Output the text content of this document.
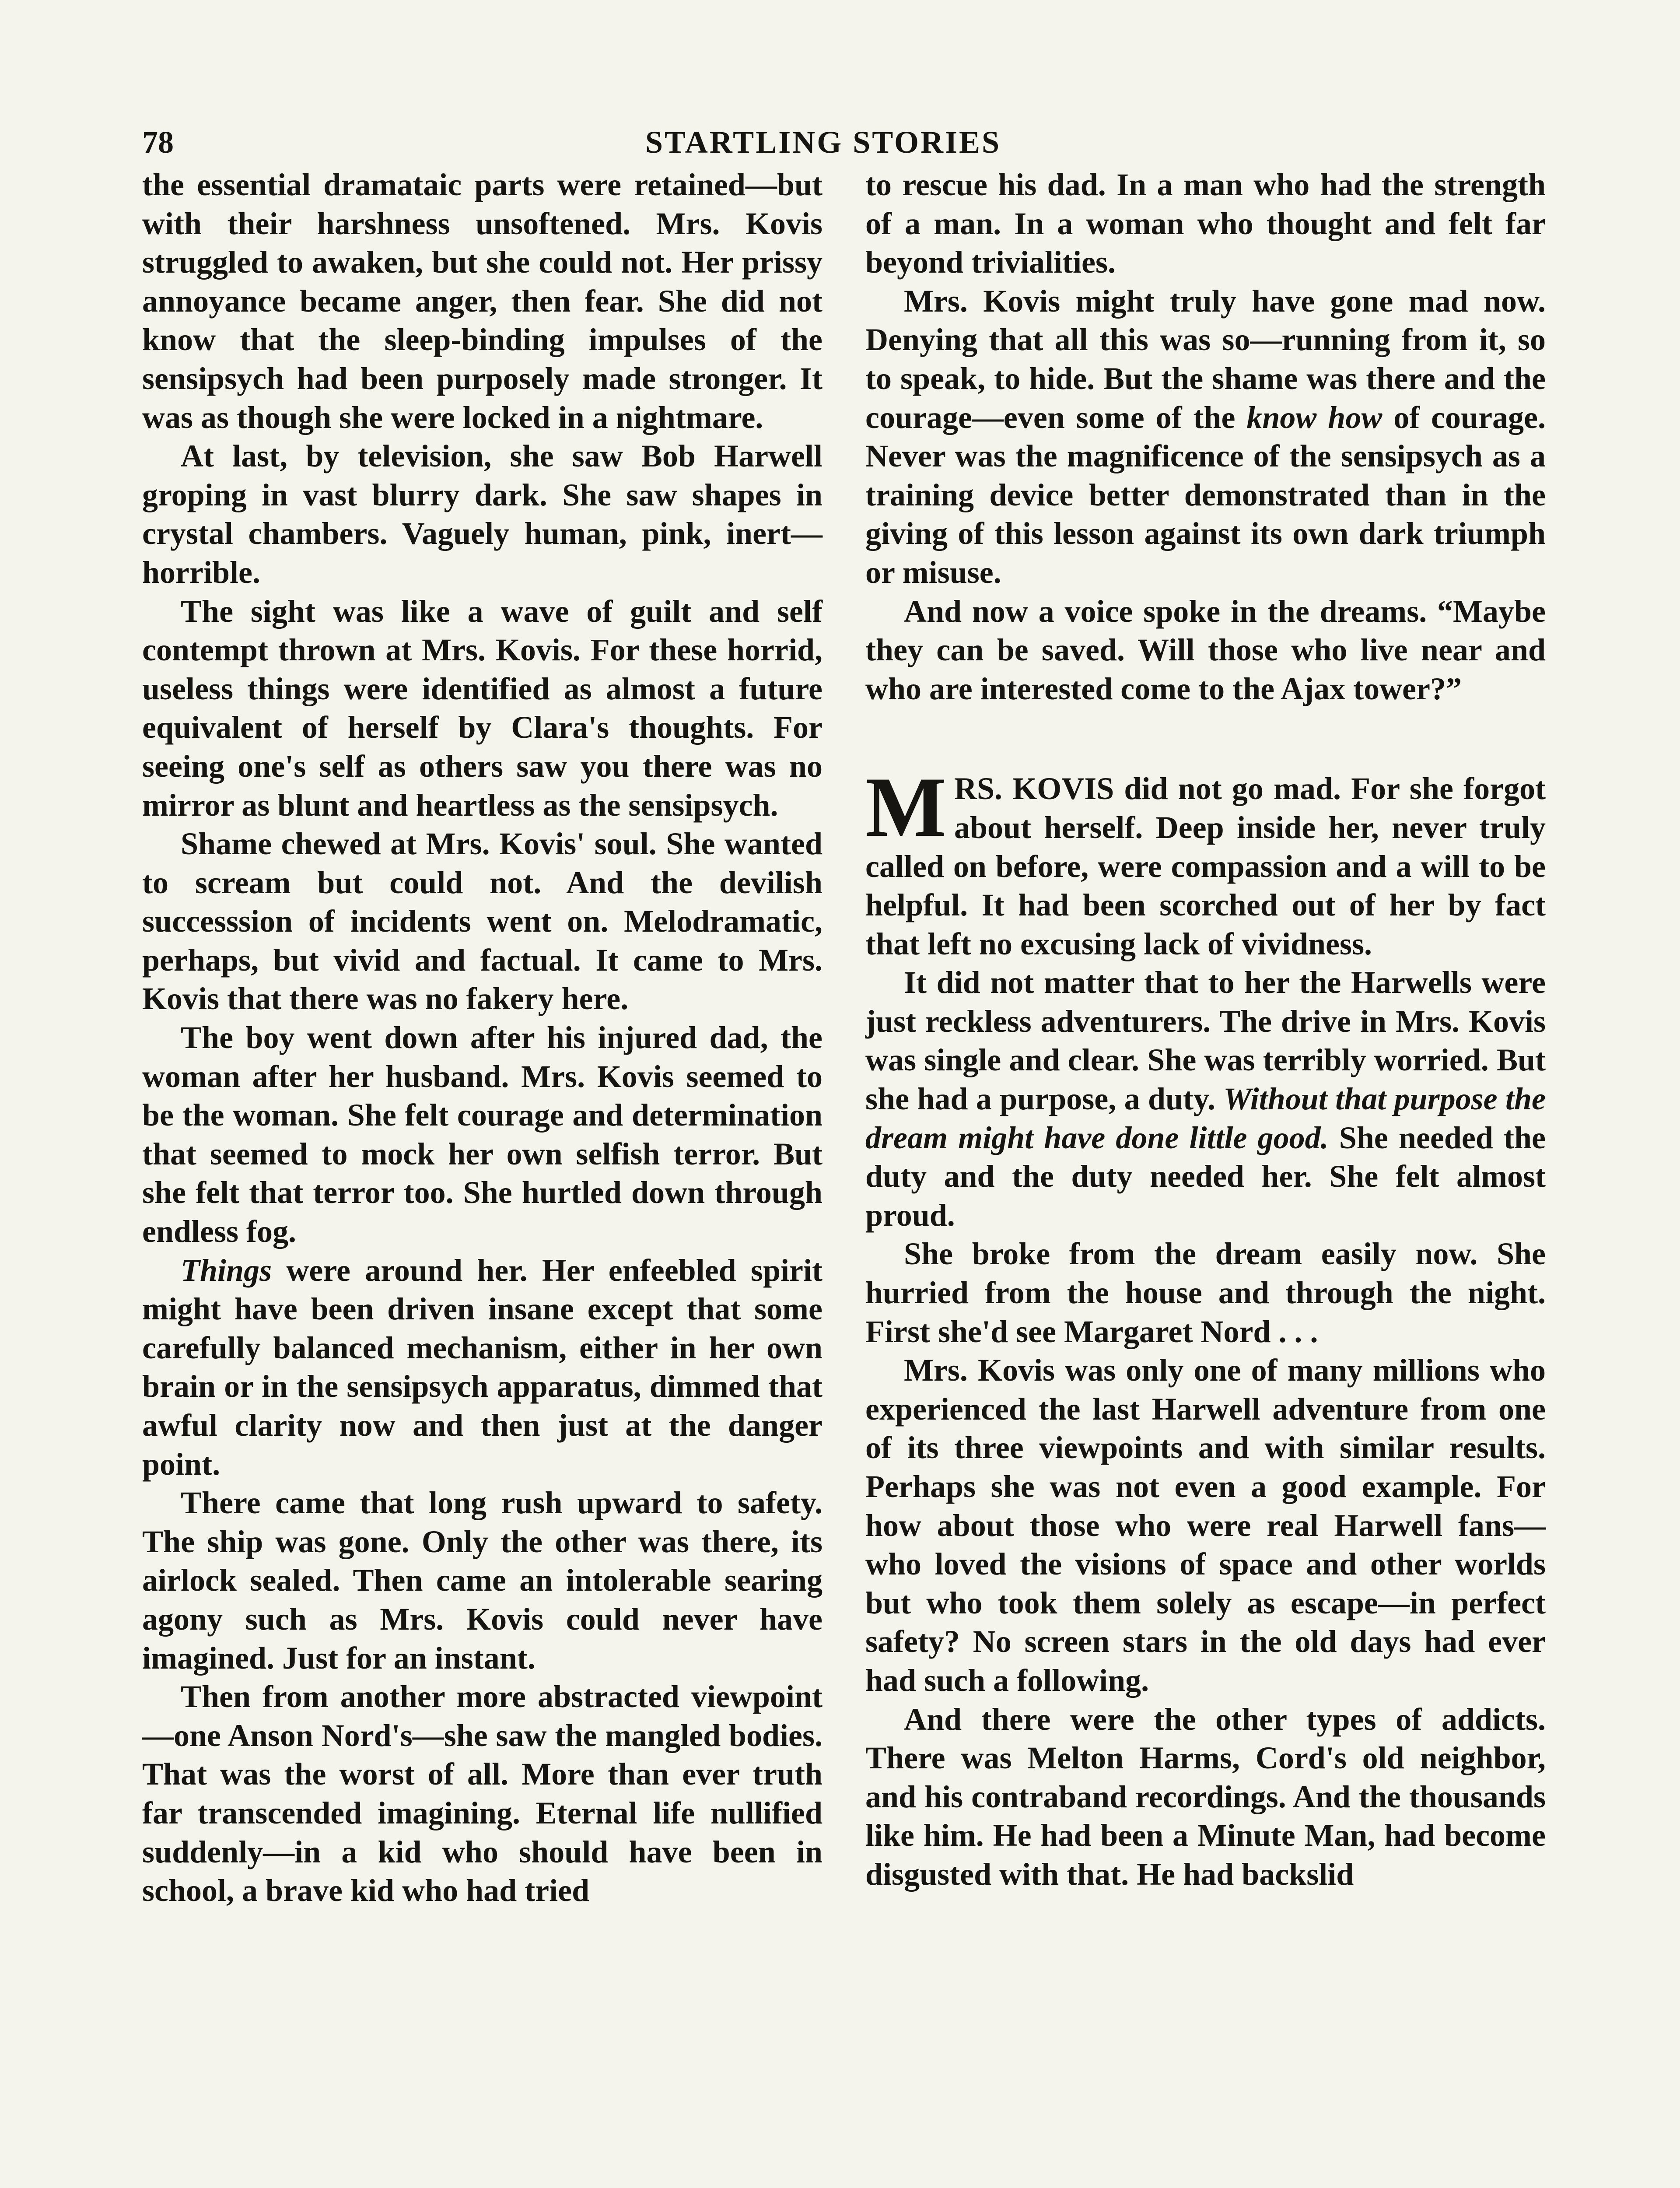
78	STARTLING STORIES

the essential dramataic parts were retained—but with their harshness unsoftened. Mrs. Kovis struggled to awaken, but she could not. Her prissy annoyance became anger, then fear. She did not know that the sleep-binding impulses of the sensipsych had been purposely made stronger. It was as though she were locked in a nightmare.

At last, by television, she saw Bob Harwell groping in vast blurry dark. She saw shapes in crystal chambers. Vaguely human, pink, inert—horrible.

The sight was like a wave of guilt and self contempt thrown at Mrs. Kovis. For these horrid, useless things were identified as almost a future equivalent of herself by Clara's thoughts. For seeing one's self as others saw you there was no mirror as blunt and heartless as the sensipsych.

Shame chewed at Mrs. Kovis' soul. She wanted to scream but could not. And the devilish successsion of incidents went on. Melodramatic, perhaps, but vivid and factual. It came to Mrs. Kovis that there was no fakery here.

The boy went down after his injured dad, the woman after her husband. Mrs. Kovis seemed to be the woman. She felt courage and determination that seemed to mock her own selfish terror. But she felt that terror too. She hurtled down through endless fog.

Things were around her. Her enfeebled spirit might have been driven insane except that some carefully balanced mechanism, either in her own brain or in the sensipsych apparatus, dimmed that awful clarity now and then just at the danger point.

There came that long rush upward to safety. The ship was gone. Only the other was there, its airlock sealed. Then came an intolerable searing agony such as Mrs. Kovis could never have imagined. Just for an instant.

Then from another more abstracted viewpoint—one Anson Nord's—she saw the mangled bodies. That was the worst of all. More than ever truth far transcended imagining. Eternal life nullified suddenly—in a kid who should have been in school, a brave kid who had tried

to rescue his dad. In a man who had the strength of a man. In a woman who thought and felt far beyond trivialities.

Mrs. Kovis might truly have gone mad now. Denying that all this was so—running from it, so to speak, to hide. But the shame was there and the courage—even some of the know how of courage. Never was the magnificence of the sensipsych as a training device better demonstrated than in the giving of this lesson against its own dark triumph or misuse.

And now a voice spoke in the dreams. “Maybe they can be saved. Will those who live near and who are interested come to the Ajax tower?”

MRS. KOVIS did not go mad. For she forgot about herself. Deep inside her, never truly called on before, were compassion and a will to be helpful. It had been scorched out of her by fact that left no excusing lack of vividness.

It did not matter that to her the Harwells were just reckless adventurers. The drive in Mrs. Kovis was single and clear. She was terribly worried. But she had a purpose, a duty. Without that purpose the dream might have done little good. She needed the duty and the duty needed her. She felt almost proud.

She broke from the dream easily now. She hurried from the house and through the night. First she'd see Margaret Nord . . .

Mrs. Kovis was only one of many millions who experienced the last Harwell adventure from one of its three viewpoints and with similar results. Perhaps she was not even a good example. For how about those who were real Harwell fans—who loved the visions of space and other worlds but who took them solely as escape—in perfect safety? No screen stars in the old days had ever had such a following.

And there were the other types of addicts. There was Melton Harms, Cord's old neighbor, and his contraband recordings. And the thousands like him. He had been a Minute Man, had become disgusted with that. He had backslid
